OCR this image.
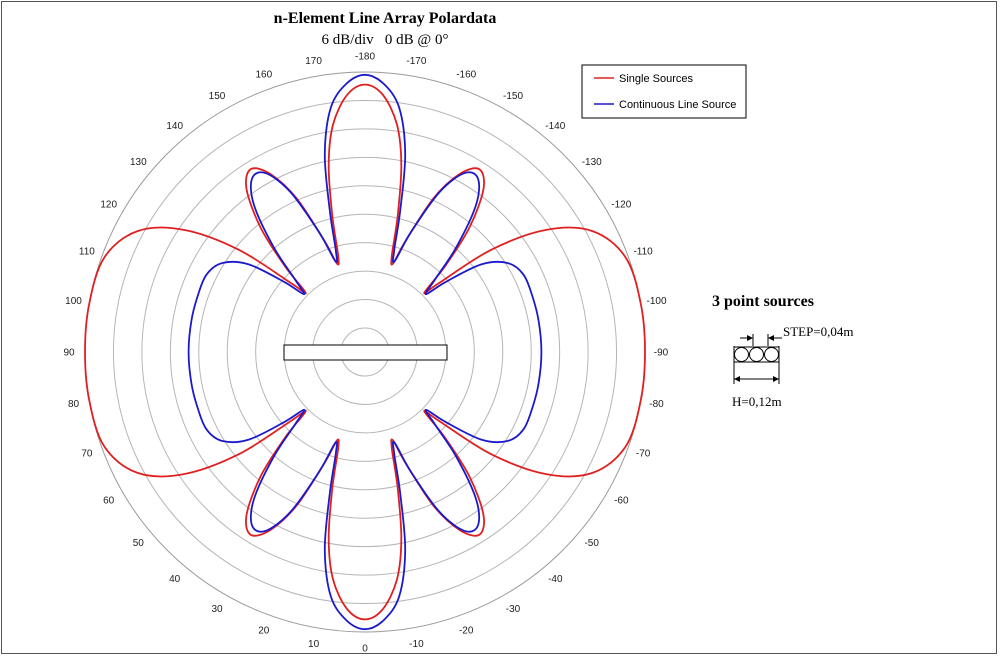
n-Element Line Array Polardata
6 dB/div   0 dB @ 0°
0
10
20
30
40
50
60
70
80
90
100
110
120
130
140
150
160
170	-180	-170
-160
-150
-140
-130
-120
-110
-100
-90
-80
-70
-60
-50
-40
-30
-20
-10
Single Sources
Continuous Line Source
3 point sources
STEP=0,04m
H=0,12m
